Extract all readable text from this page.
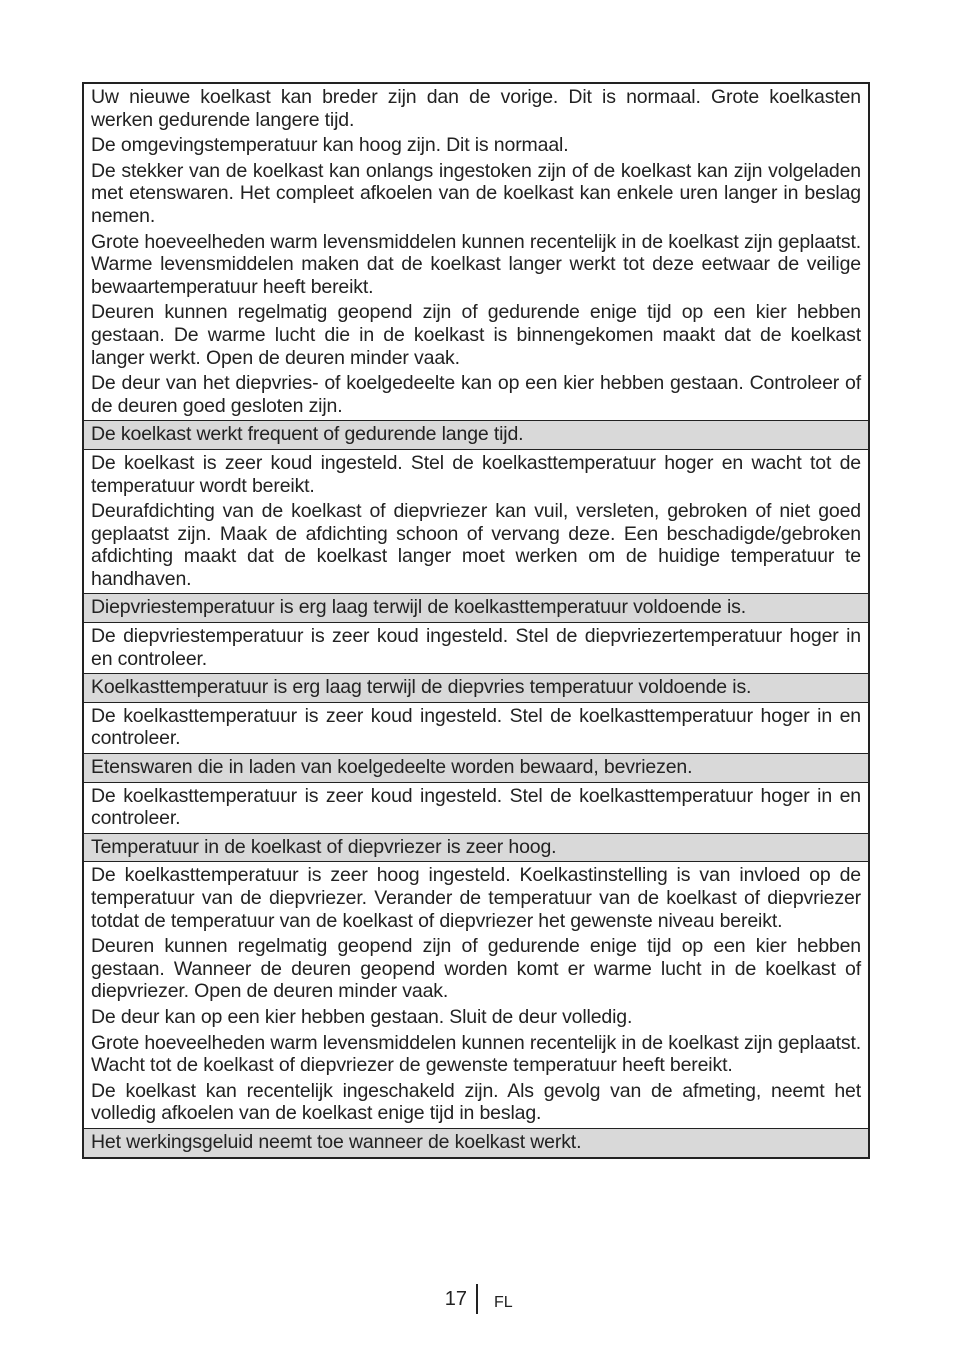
Uw nieuwe koelkast kan breder zijn dan de vorige. Dit is normaal. Grote koelkasten werken gedurende langere tijd.

De omgevingstemperatuur kan hoog zijn. Dit is normaal.

De stekker van de koelkast kan onlangs ingestoken zijn of de koelkast kan zijn volgeladen met etenswaren. Het compleet afkoelen van de koelkast kan enkele uren langer in beslag nemen.

Grote hoeveelheden warm levensmiddelen kunnen recentelijk in de koelkast zijn geplaatst. Warme levensmiddelen maken dat de koelkast langer werkt tot deze eetwaar de veilige bewaartemperatuur heeft bereikt.

Deuren kunnen regelmatig geopend zijn of gedurende enige tijd op een kier hebben gestaan. De warme lucht die in de koelkast is binnengekomen maakt dat de koelkast langer werkt. Open de deuren minder vaak.

De deur van het diepvries- of koelgedeelte kan op een kier hebben gestaan. Controleer of de deuren goed gesloten zijn.

De koelkast werkt frequent of gedurende lange tijd.

De koelkast is zeer koud ingesteld. Stel de koelkasttemperatuur hoger en wacht tot de temperatuur wordt bereikt.

Deurafdichting van de koelkast of diepvriezer kan vuil, versleten, gebroken of niet goed geplaatst zijn. Maak de afdichting schoon of vervang deze. Een beschadigde/gebroken afdichting maakt dat de koelkast langer moet werken om de huidige temperatuur te handhaven.

Diepvriestemperatuur is erg laag terwijl de koelkasttemperatuur voldoende is.

De diepvriestemperatuur is zeer koud ingesteld. Stel de diepvriezertemperatuur hoger in en controleer.

Koelkasttemperatuur is erg laag terwijl de diepvries temperatuur voldoende is.

De koelkasttemperatuur is zeer koud ingesteld. Stel de koelkasttemperatuur hoger in en controleer.

Etenswaren die in laden van koelgedeelte worden bewaard, bevriezen.

De koelkasttemperatuur is zeer koud ingesteld. Stel de koelkasttemperatuur hoger in en controleer.

Temperatuur in de koelkast of diepvriezer is zeer hoog.

De koelkasttemperatuur is zeer hoog ingesteld. Koelkastinstelling is van invloed op de temperatuur van de diepvriezer. Verander de temperatuur van de koelkast of diepvriezer totdat de temperatuur van de koelkast of diepvriezer het gewenste niveau bereikt.

Deuren kunnen regelmatig geopend zijn of gedurende enige tijd op een kier hebben gestaan. Wanneer de deuren geopend worden komt er warme lucht in de koelkast of diepvriezer. Open de deuren minder vaak.

De deur kan op een kier hebben gestaan. Sluit de deur volledig.

Grote hoeveelheden warm levensmiddelen kunnen recentelijk in de koelkast zijn geplaatst. Wacht tot de koelkast of diepvriezer de gewenste temperatuur heeft bereikt.

De koelkast kan recentelijk ingeschakeld zijn. Als gevolg van de afmeting, neemt het volledig afkoelen van de koelkast enige tijd in beslag.

Het werkingsgeluid neemt toe wanneer de koelkast werkt.

17 FL
